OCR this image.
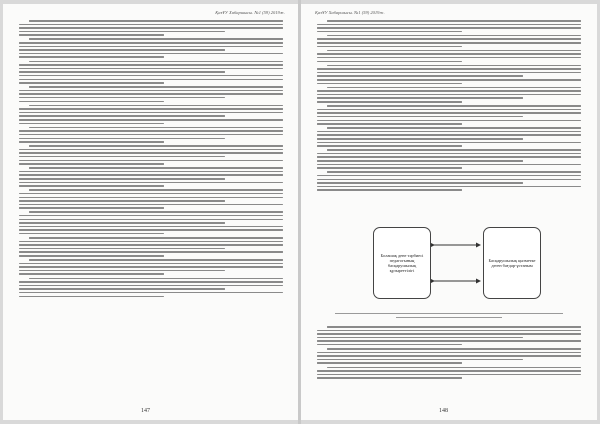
ҚазҰУ Хабаршысы. №1 (59) 2019ж.
147
ҚазҰУ Хабаршысы. №1 (59) 2019ж.
Болашақ дене тәрбиесі педагогының басқарушылық құзыреттілігі
Басқарушылық қызметке деген бағдар-ұстаным
148
